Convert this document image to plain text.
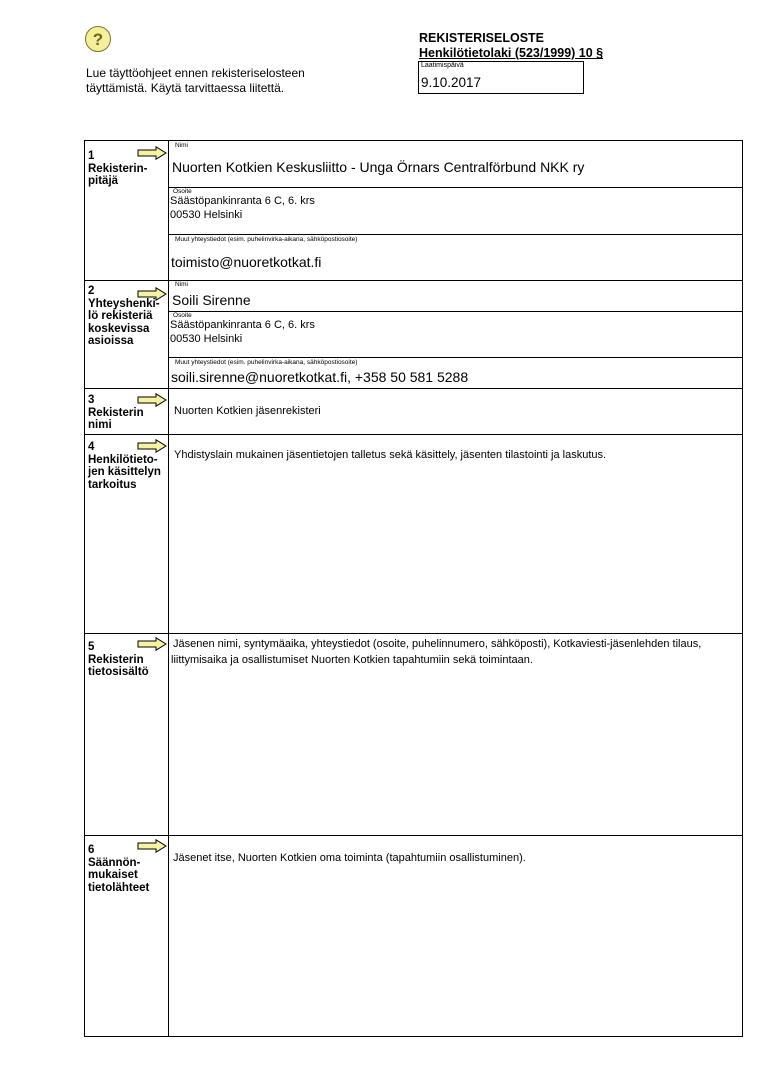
?
Lue täyttöohjeet ennen rekisteriselosteen
täyttämistä. Käytä tarvittaessa liitettä.
REKISTERISELOSTE
Henkilötietolaki (523/1999) 10 §
Laatimispäivä
9.10.2017
1
Rekisterin-
pitäjä
Nimi
Nuorten Kotkien Keskusliitto - Unga Örnars Centralförbund NKK ry
Osoite
Säästöpankinranta 6 C, 6. krs
00530 Helsinki
Muut yhteystiedot (esim. puhelinvirka-aikana, sähköpostiosoite)
toimisto@nuoretkotkat.fi
2
Yhteyshenki-
lö rekisteriä
koskevissa
asioissa
Nimi
Soili Sirenne
Osoite
Säästöpankinranta 6 C, 6. krs
00530 Helsinki
Muut yhteystiedot (esim. puhelinvirka-aikana, sähköpostiosoite)
soili.sirenne@nuoretkotkat.fi, +358 50 581 5288
3
Rekisterin
nimi
Nuorten Kotkien jäsenrekisteri
4
Henkilötieto-
jen käsittelyn
tarkoitus
Yhdistyslain mukainen jäsentietojen talletus sekä käsittely, jäsenten tilastointi ja laskutus.
5
Rekisterin
tietosisältö
Jäsenen nimi, syntymäaika, yhteystiedot (osoite, puhelinnumero, sähköposti), Kotkaviesti-jäsenlehden tilaus,
liittymisaika ja osallistumiset Nuorten Kotkien tapahtumiin sekä toimintaan.
6
Säännön-
mukaiset
tietolähteet
Jäsenet itse, Nuorten Kotkien oma toiminta (tapahtumiin osallistuminen).
